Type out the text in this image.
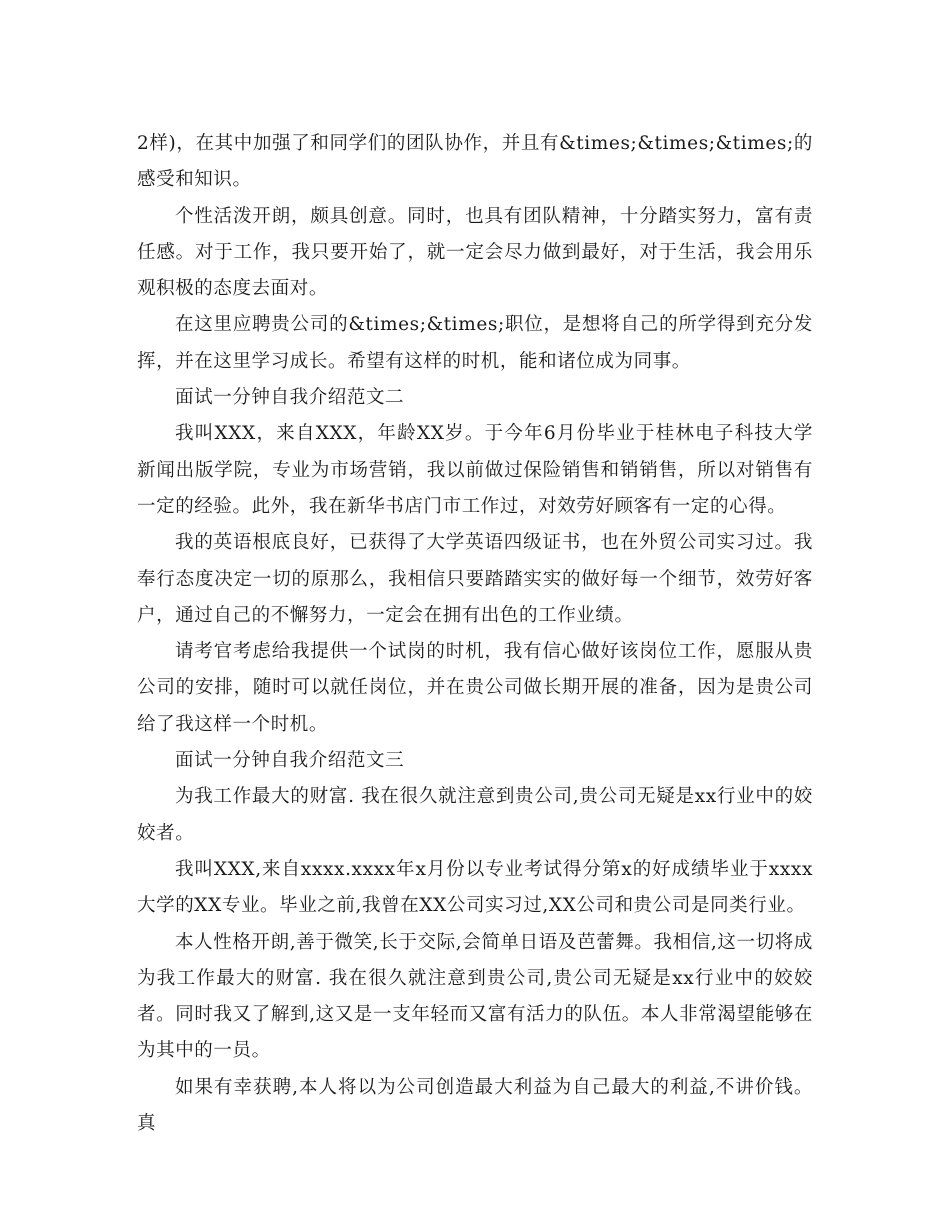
2样)，在其中加强了和同学们的团队协作，并且有&times;&times;&times;的感受和知识。

个性活泼开朗，颇具创意。同时，也具有团队精神，十分踏实努力，富有责任感。对于工作，我只要开始了，就一定会尽力做到最好，对于生活，我会用乐观积极的态度去面对。

在这里应聘贵公司的&times;&times;职位，是想将自己的所学得到充分发挥，并在这里学习成长。希望有这样的时机，能和诸位成为同事。

面试一分钟自我介绍范文二

我叫XXX，来自XXX，年龄XX岁。于今年6月份毕业于桂林电子科技大学新闻出版学院，专业为市场营销，我以前做过保险销售和销销售，所以对销售有一定的经验。此外，我在新华书店门市工作过，对效劳好顾客有一定的心得。

我的英语根底良好，已获得了大学英语四级证书，也在外贸公司实习过。我奉行态度决定一切的原那么，我相信只要踏踏实实的做好每一个细节，效劳好客户，通过自己的不懈努力，一定会在拥有出色的工作业绩。

请考官考虑给我提供一个试岗的时机，我有信心做好该岗位工作，愿服从贵公司的安排，随时可以就任岗位，并在贵公司做长期开展的准备，因为是贵公司给了我这样一个时机。

面试一分钟自我介绍范文三

为我工作最大的财富. 我在很久就注意到贵公司,贵公司无疑是xx行业中的姣姣者。

我叫XXX,来自xxxx.xxxx年x月份以专业考试得分第x的好成绩毕业于xxxx大学的XX专业。毕业之前,我曾在XX公司实习过,XX公司和贵公司是同类行业。

本人性格开朗,善于微笑,长于交际,会简单日语及芭蕾舞。我相信,这一切将成为我工作最大的财富. 我在很久就注意到贵公司,贵公司无疑是xx行业中的姣姣者。同时我又了解到,这又是一支年轻而又富有活力的队伍。本人非常渴望能够在为其中的一员。

如果有幸获聘,本人将以为公司创造最大利益为自己最大的利益,不讲价钱。真
